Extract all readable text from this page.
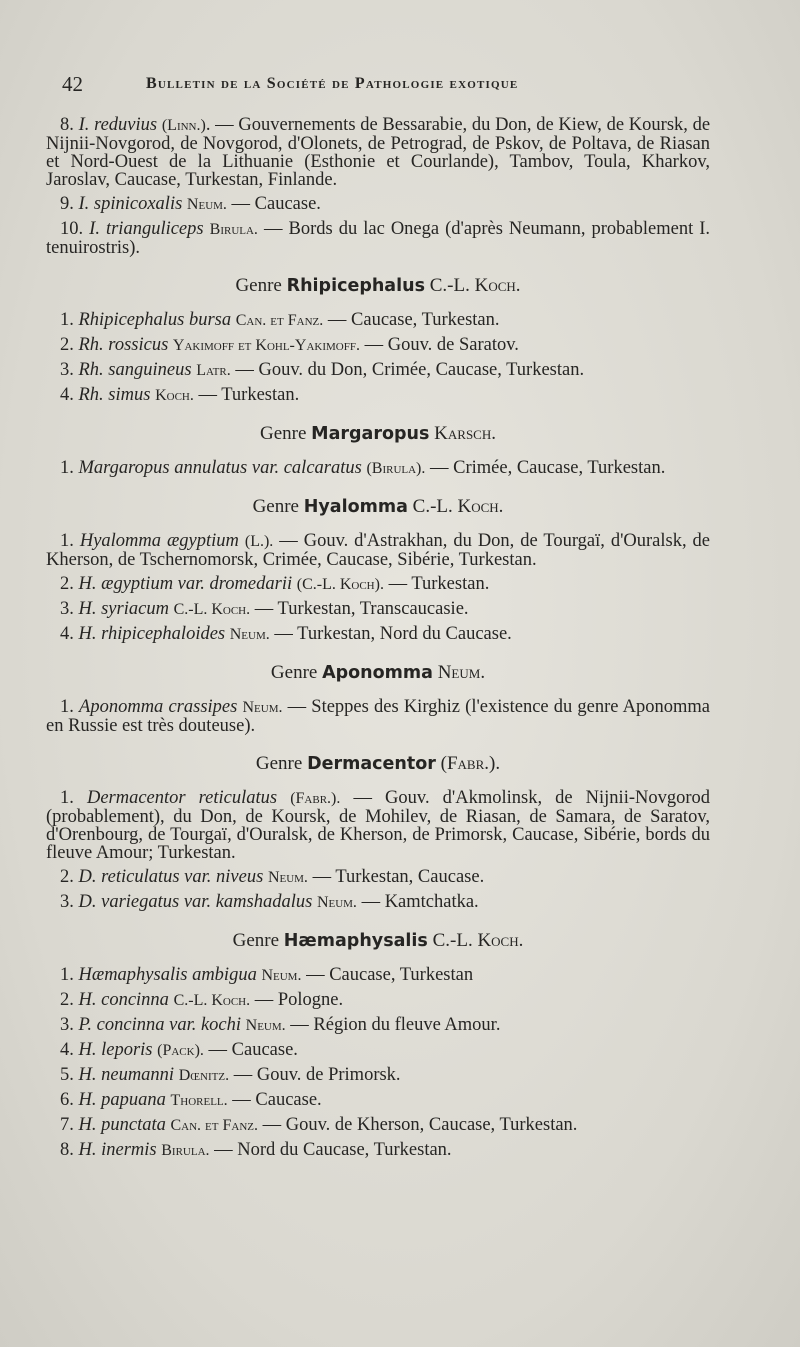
42	Bulletin de la Société de Pathologie exotique

8. I. reduvius (Linn.). — Gouvernements de Bessarabie, du Don, de Kiew, de Koursk, de Nijnii-Novgorod, de Novgorod, d'Olonets, de Petrograd, de Pskov, de Poltava, de Riasan et Nord-Ouest de la Lithuanie (Esthonie et Courlande), Tambov, Toula, Kharkov, Jaroslav, Caucase, Turkestan, Finlande.

9. I. spinicoxalis Neum. — Caucase.

10. I. trianguliceps Birula. — Bords du lac Onega (d'après Neumann, probablement I. tenuirostris).

Genre Rhipicephalus C.-L. Koch.

1. Rhipicephalus bursa Can. et Fanz. — Caucase, Turkestan.

2. Rh. rossicus Yakimoff et Kohl-Yakimoff. — Gouv. de Saratov.

3. Rh. sanguineus Latr. — Gouv. du Don, Crimée, Caucase, Turkestan.

4. Rh. simus Koch. — Turkestan.

Genre Margaropus Karsch.

1. Margaropus annulatus var. calcaratus (Birula). — Crimée, Caucase, Turkestan.

Genre Hyalomma C.-L. Koch.

1. Hyalomma ægyptium (L.). — Gouv. d'Astrakhan, du Don, de Tourgaï, d'Ouralsk, de Kherson, de Tschernomorsk, Crimée, Caucase, Sibérie, Turkestan.

2. H. ægyptium var. dromedarii (C.-L. Koch). — Turkestan.

3. H. syriacum C.-L. Koch. — Turkestan, Transcaucasie.

4. H. rhipicephaloides Neum. — Turkestan, Nord du Caucase.

Genre Aponomma Neum.

1. Aponomma crassipes Neum. — Steppes des Kirghiz (l'existence du genre Aponomma en Russie est très douteuse).

Genre Dermacentor (Fabr.).

1. Dermacentor reticulatus (Fabr.). — Gouv. d'Akmolinsk, de Nijnii-Novgorod (probablement), du Don, de Koursk, de Mohilev, de Riasan, de Samara, de Saratov, d'Orenbourg, de Tourgaï, d'Ouralsk, de Kherson, de Primorsk, Caucase, Sibérie, bords du fleuve Amour; Turkestan.

2. D. reticulatus var. niveus Neum. — Turkestan, Caucase.

3. D. variegatus var. kamshadalus Neum. — Kamtchatka.

Genre Hæmaphysalis C.-L. Koch.

1. Hæmaphysalis ambigua Neum. — Caucase, Turkestan

2. H. concinna C.-L. Koch. — Pologne.

3. P. concinna var. kochi Neum. — Région du fleuve Amour.

4. H. leporis (Pack). — Caucase.

5. H. neumanni Dœnitz. — Gouv. de Primorsk.

6. H. papuana Thorell. — Caucase.

7. H. punctata Can. et Fanz. — Gouv. de Kherson, Caucase, Turkestan.

8. H. inermis Birula. — Nord du Caucase, Turkestan.
